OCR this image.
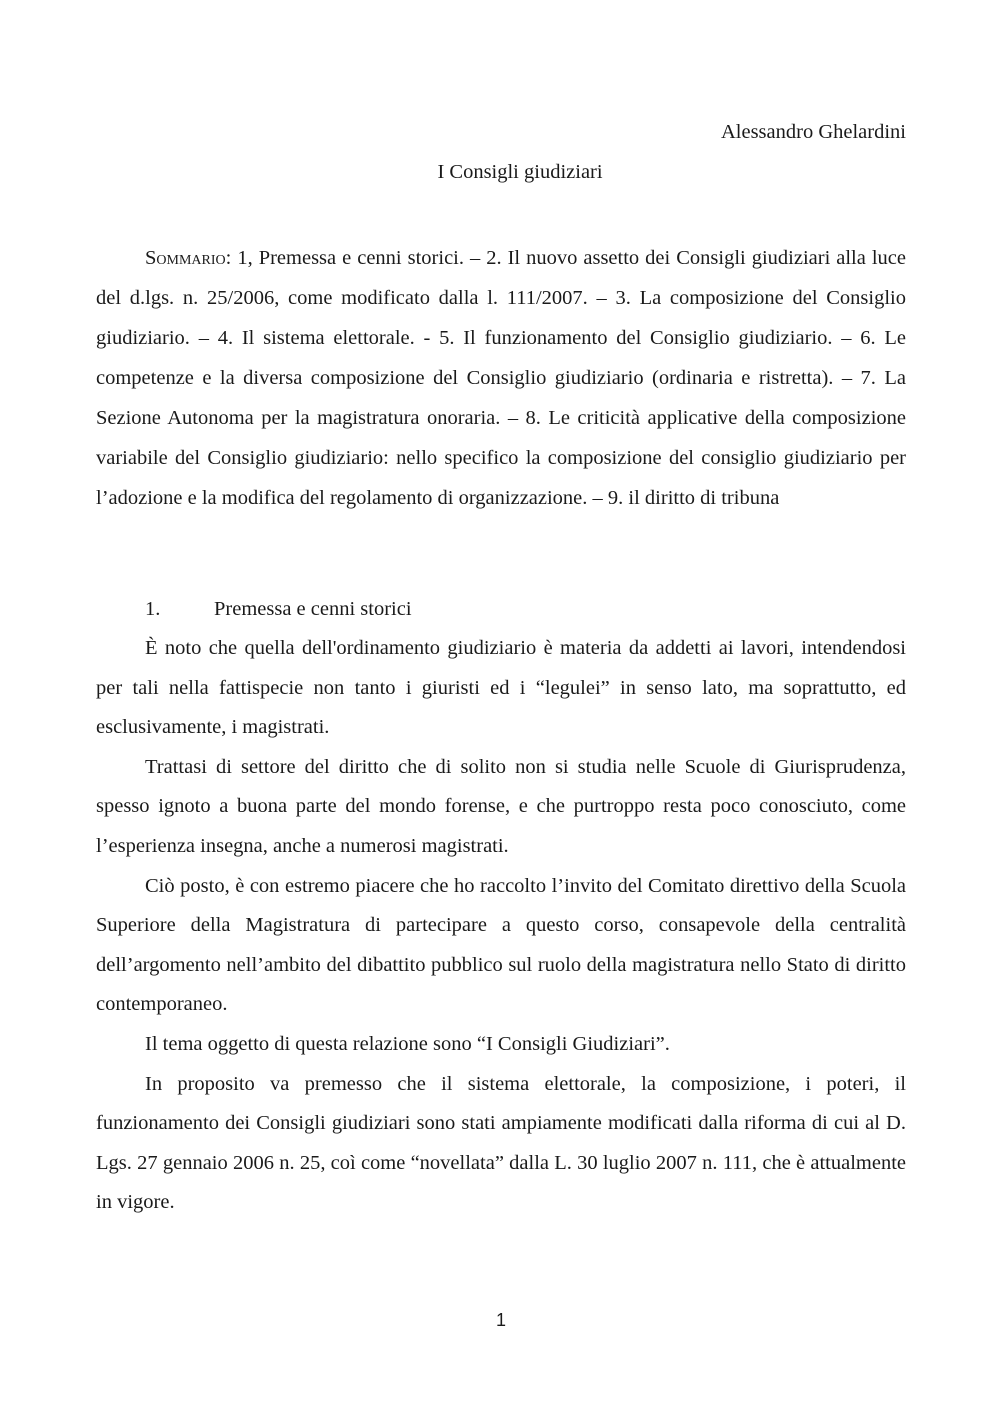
Alessandro Ghelardini
I Consigli giudiziari

Sommario: 1, Premessa e cenni storici. – 2. Il nuovo assetto dei Consigli giudiziari alla luce del d.lgs. n. 25/2006, come modificato dalla l. 111/2007. – 3. La composizione del Consiglio giudiziario. – 4. Il sistema elettorale. - 5. Il funzionamento del Consiglio giudiziario. – 6. Le competenze e la diversa composizione del Consiglio giudiziario (ordinaria e ristretta). – 7. La Sezione Autonoma per la magistratura onoraria. – 8. Le criticità applicative della composizione variabile del Consiglio giudiziario: nello specifico la composizione del consiglio giudiziario per l’adozione e la modifica del regolamento di organizzazione. – 9. il diritto di tribuna

1.	Premessa e cenni storici

È noto che quella dell'ordinamento giudiziario è materia da addetti ai lavori, intendendosi per tali nella fattispecie non tanto i giuristi ed i “legulei” in senso lato, ma soprattutto, ed esclusivamente, i magistrati.

Trattasi di settore del diritto che di solito non si studia nelle Scuole di Giurisprudenza, spesso ignoto a buona parte del mondo forense, e che purtroppo resta poco conosciuto, come l’esperienza insegna, anche a numerosi magistrati.

Ciò posto, è con estremo piacere che ho raccolto l’invito del Comitato direttivo della Scuola Superiore della Magistratura di partecipare a questo corso, consapevole della centralità dell’argomento nell’ambito del dibattito pubblico sul ruolo della magistratura nello Stato di diritto contemporaneo.

Il tema oggetto di questa relazione sono “I Consigli Giudiziari”.

In proposito va premesso che il sistema elettorale, la composizione, i poteri, il funzionamento dei Consigli giudiziari sono stati ampiamente modificati dalla riforma di cui al D. Lgs. 27 gennaio 2006 n. 25, coì come “novellata” dalla L. 30 luglio 2007 n. 111, che è attualmente in vigore.

1
